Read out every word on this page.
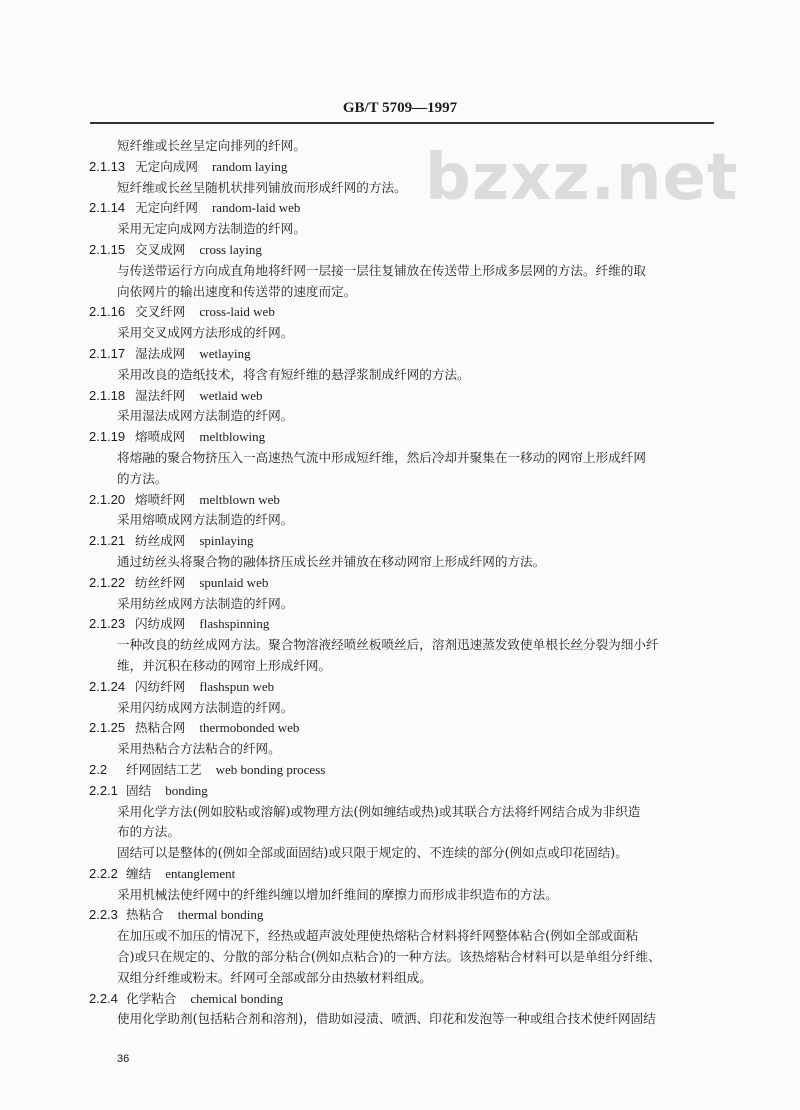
bzxz.net
GB/T 5709—1997
短纤维或长丝呈定向排列的纤网。
2.1.13 无定向成网 random laying
短纤维或长丝呈随机状排列铺放而形成纤网的方法。
2.1.14 无定向纤网 random-laid web
采用无定向成网方法制造的纤网。
2.1.15 交叉成网 cross laying
与传送带运行方向成直角地将纤网一层接一层往复铺放在传送带上形成多层网的方法。纤维的取
向依网片的输出速度和传送带的速度而定。
2.1.16 交叉纤网 cross-laid web
采用交叉成网方法形成的纤网。
2.1.17 湿法成网 wetlaying
采用改良的造纸技术，将含有短纤维的悬浮浆制成纤网的方法。
2.1.18 湿法纤网 wetlaid web
采用湿法成网方法制造的纤网。
2.1.19 熔喷成网 meltblowing
将熔融的聚合物挤压入一高速热气流中形成短纤维，然后冷却并聚集在一移动的网帘上形成纤网
的方法。
2.1.20 熔喷纤网 meltblown web
采用熔喷成网方法制造的纤网。
2.1.21 纺丝成网 spinlaying
通过纺丝头将聚合物的融体挤压成长丝并铺放在移动网帘上形成纤网的方法。
2.1.22 纺丝纤网 spunlaid web
采用纺丝成网方法制造的纤网。
2.1.23 闪纺成网 flashspinning
一种改良的纺丝成网方法。聚合物溶液经喷丝板喷丝后，溶剂迅速蒸发致使单根长丝分裂为细小纤
维，并沉积在移动的网帘上形成纤网。
2.1.24 闪纺纤网 flashspun web
采用闪纺成网方法制造的纤网。
2.1.25 热粘合网 thermobonded web
采用热粘合方法粘合的纤网。
2.2 纤网固结工艺 web bonding process
2.2.1 固结 bonding
采用化学方法(例如胶粘或溶解)或物理方法(例如缠结或热)或其联合方法将纤网结合成为非织造
布的方法。
固结可以是整体的(例如全部或面固结)或只限于规定的、不连续的部分(例如点或印花固结)。
2.2.2 缠结 entanglement
采用机械法使纤网中的纤维纠缠以增加纤维间的摩擦力而形成非织造布的方法。
2.2.3 热粘合 thermal bonding
在加压或不加压的情况下，经热或超声波处理使热熔粘合材料将纤网整体粘合(例如全部或面粘
合)或只在规定的、分散的部分粘合(例如点粘合)的一种方法。该热熔粘合材料可以是单组分纤维、
双组分纤维或粉末。纤网可全部或部分由热敏材料组成。
2.2.4 化学粘合 chemical bonding
使用化学助剂(包括粘合剂和溶剂)，借助如浸渍、喷洒、印花和发泡等一种或组合技术使纤网固结
36
